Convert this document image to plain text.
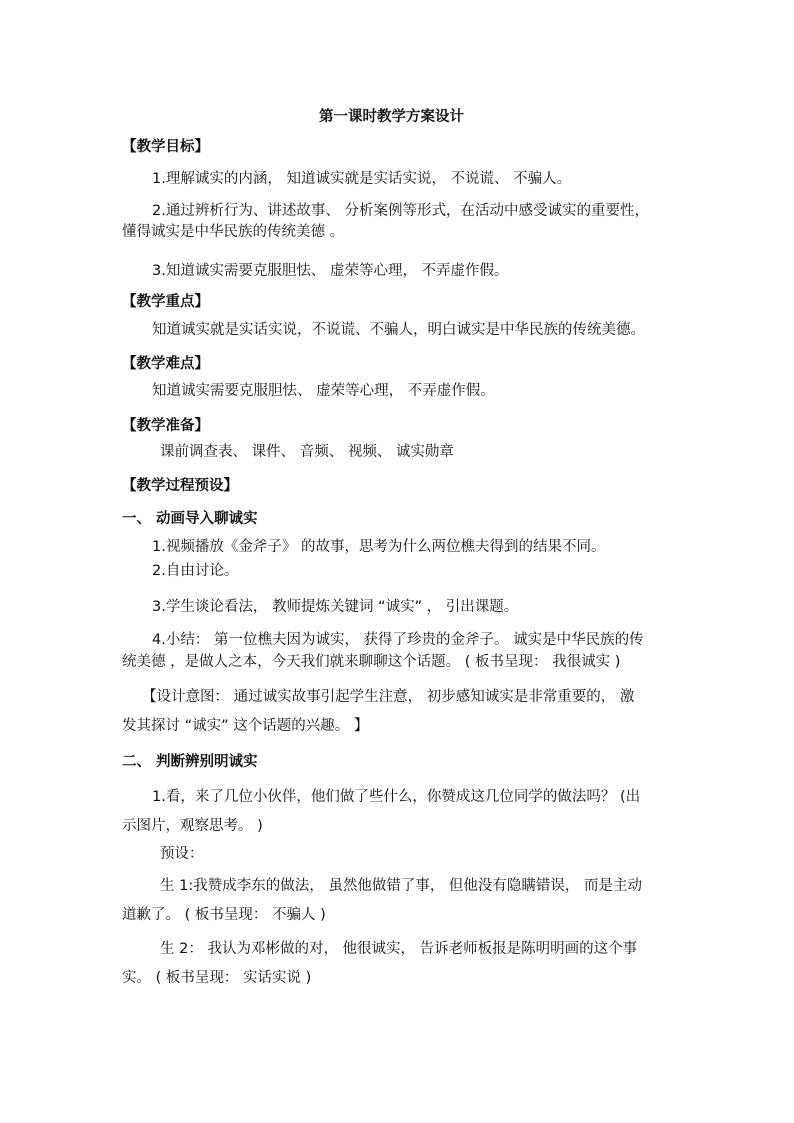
第一课时教学方案设计
【教学目标】
1.理解诚实的内涵， 知道诚实就是实话实说， 不说谎、 不骗人。
2.通过辨析行为、讲述故事、 分析案例等形式，在活动中感受诚实的重要性，
懂得诚实是中华民族的传统美德 。
3.知道诚实需要克服胆怯、 虚荣等心理， 不弄虚作假。
【教学重点】
知道诚实就是实话实说，不说谎、不骗人，明白诚实是中华民族的传统美德。
【教学难点】
知道诚实需要克服胆怯、 虚荣等心理， 不弄虚作假。
【教学准备】
课前调查表、 课件、 音频、 视频、 诚实勋章
【教学过程预设】
一、 动画导入聊诚实
1.视频播放《金斧子》 的故事，思考为什么两位樵夫得到的结果不同。
2.自由讨论。
3.学生谈论看法， 教师提炼关键词 “诚实” ， 引出课题。
4.小结： 第一位樵夫因为诚实， 获得了珍贵的金斧子。 诚实是中华民族的传
统美德 ，是做人之本，今天我们就来聊聊这个话题。 ( 板书呈现： 我很诚实 )
【设计意图： 通过诚实故事引起学生注意， 初步感知诚实是非常重要的， 激
发其探讨 “诚实” 这个话题的兴趣。 】
二、 判断辨别明诚实
1.看，来了几位小伙伴，他们做了些什么，你赞成这几位同学的做法吗？ (出
示图片，观察思考。 )
预设：
生 1:我赞成李东的做法， 虽然他做错了事， 但他没有隐瞒错误， 而是主动
道歉了。 ( 板书呈现： 不骗人 )
生 2： 我认为邓彬做的对， 他很诚实， 告诉老师板报是陈明明画的这个事
实。 ( 板书呈现： 实话实说 )
